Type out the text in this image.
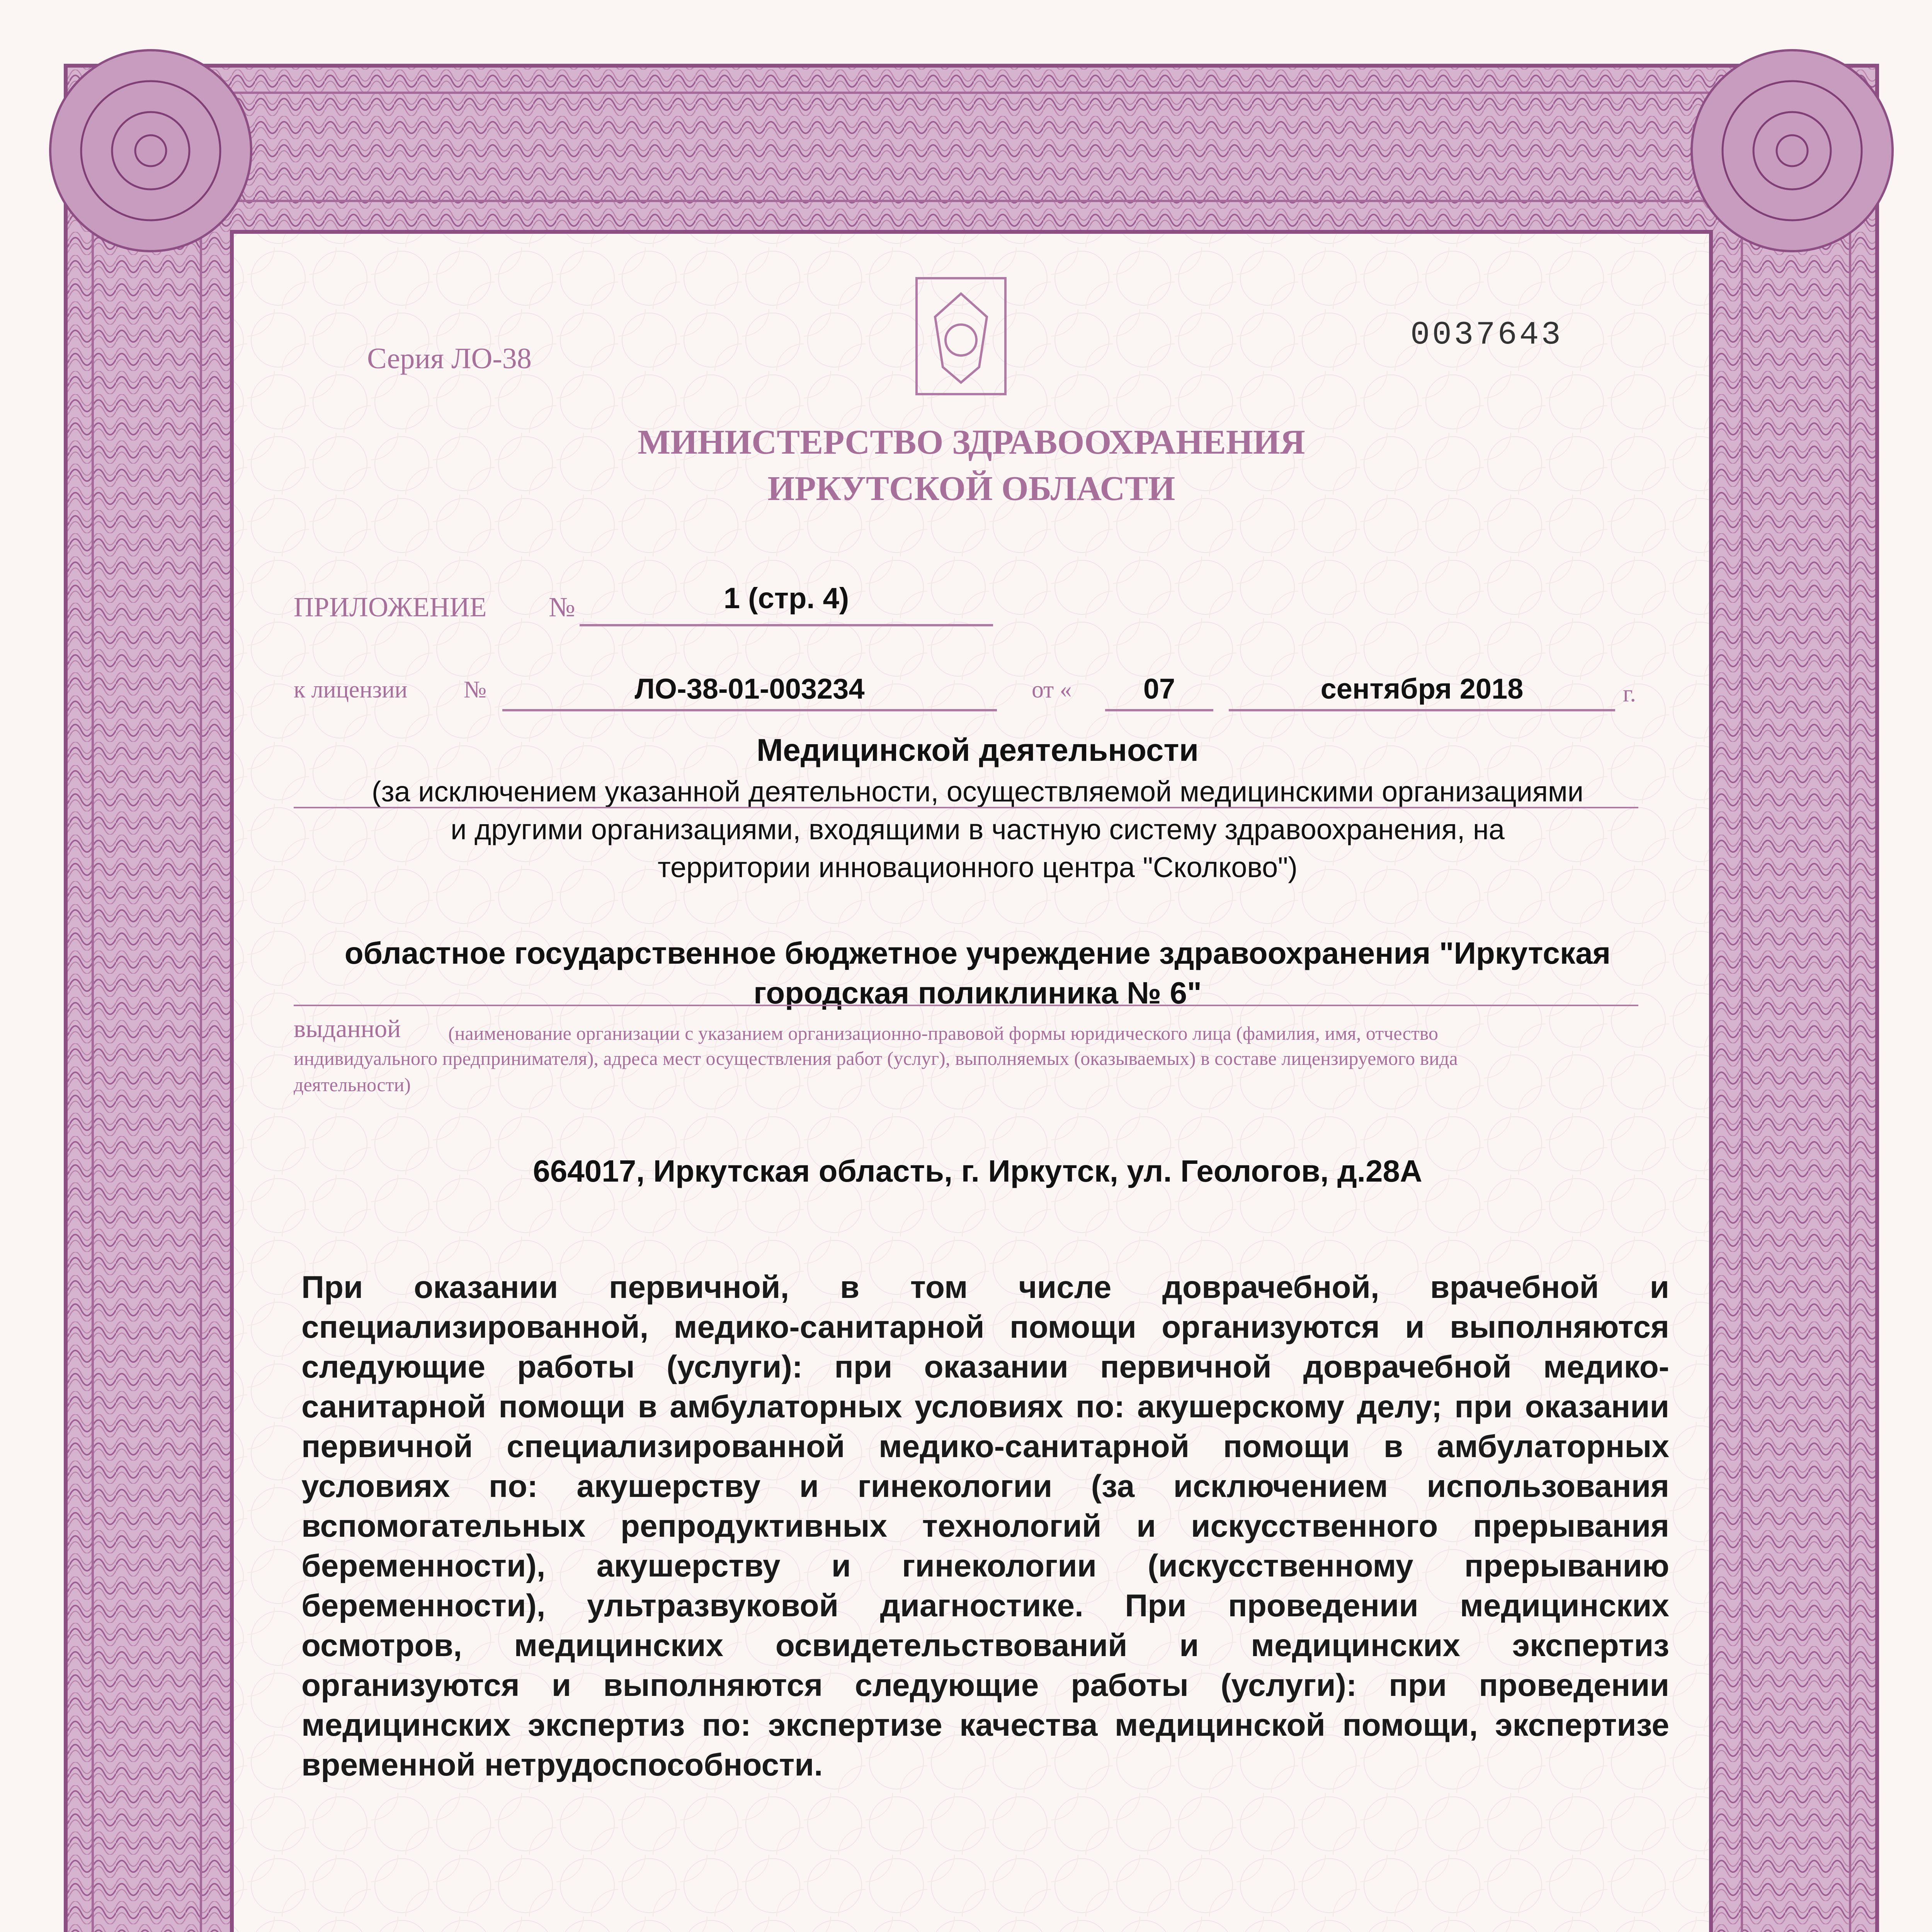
Серия ЛО-38
0037643
МИНИСТЕРСТВО ЗДРАВООХРАНЕНИЯ
ИРКУТСКОЙ ОБЛАСТИ
ПРИЛОЖЕНИЕ №	1 (стр. 4)
к лицензии №	ЛО-38-01-003234	от «	07	сентября 2018	г.
Медицинской деятельности
(за исключением указанной деятельности, осуществляемой медицинскими организациями
и другими организациями, входящими в частную систему здравоохранения, на
территории инновационного центра "Сколково")
областное государственное бюджетное учреждение здравоохранения "Иркутская
городская поликлиника № 6"
выданной (наименование организации с указанием организационно-правовой формы юридического лица (фамилия, имя, отчество
индивидуального предпринимателя), адреса мест осуществления работ (услуг), выполняемых (оказываемых) в составе лицензируемого вида
деятельности)
664017, Иркутская область, г. Иркутск, ул. Геологов, д.28А

При оказании первичной, в том числе доврачебной, врачебной и специализированной, медико-санитарной помощи организуются и выполняются следующие работы (услуги): при оказании первичной доврачебной медико-санитарной помощи в амбулаторных условиях по: акушерскому делу; при оказании первичной специализированной медико-санитарной помощи в амбулаторных условиях по: акушерству и гинекологии (за исключением использования вспомогательных репродуктивных технологий и искусственного прерывания беременности), акушерству и гинекологии (искусственному прерыванию беременности), ультразвуковой диагностике. При проведении медицинских осмотров, медицинских освидетельствований и медицинских экспертиз организуются и выполняются следующие работы (услуги): при проведении медицинских экспертиз по: экспертизе качества медицинской помощи, экспертизе временной нетрудоспособности.
